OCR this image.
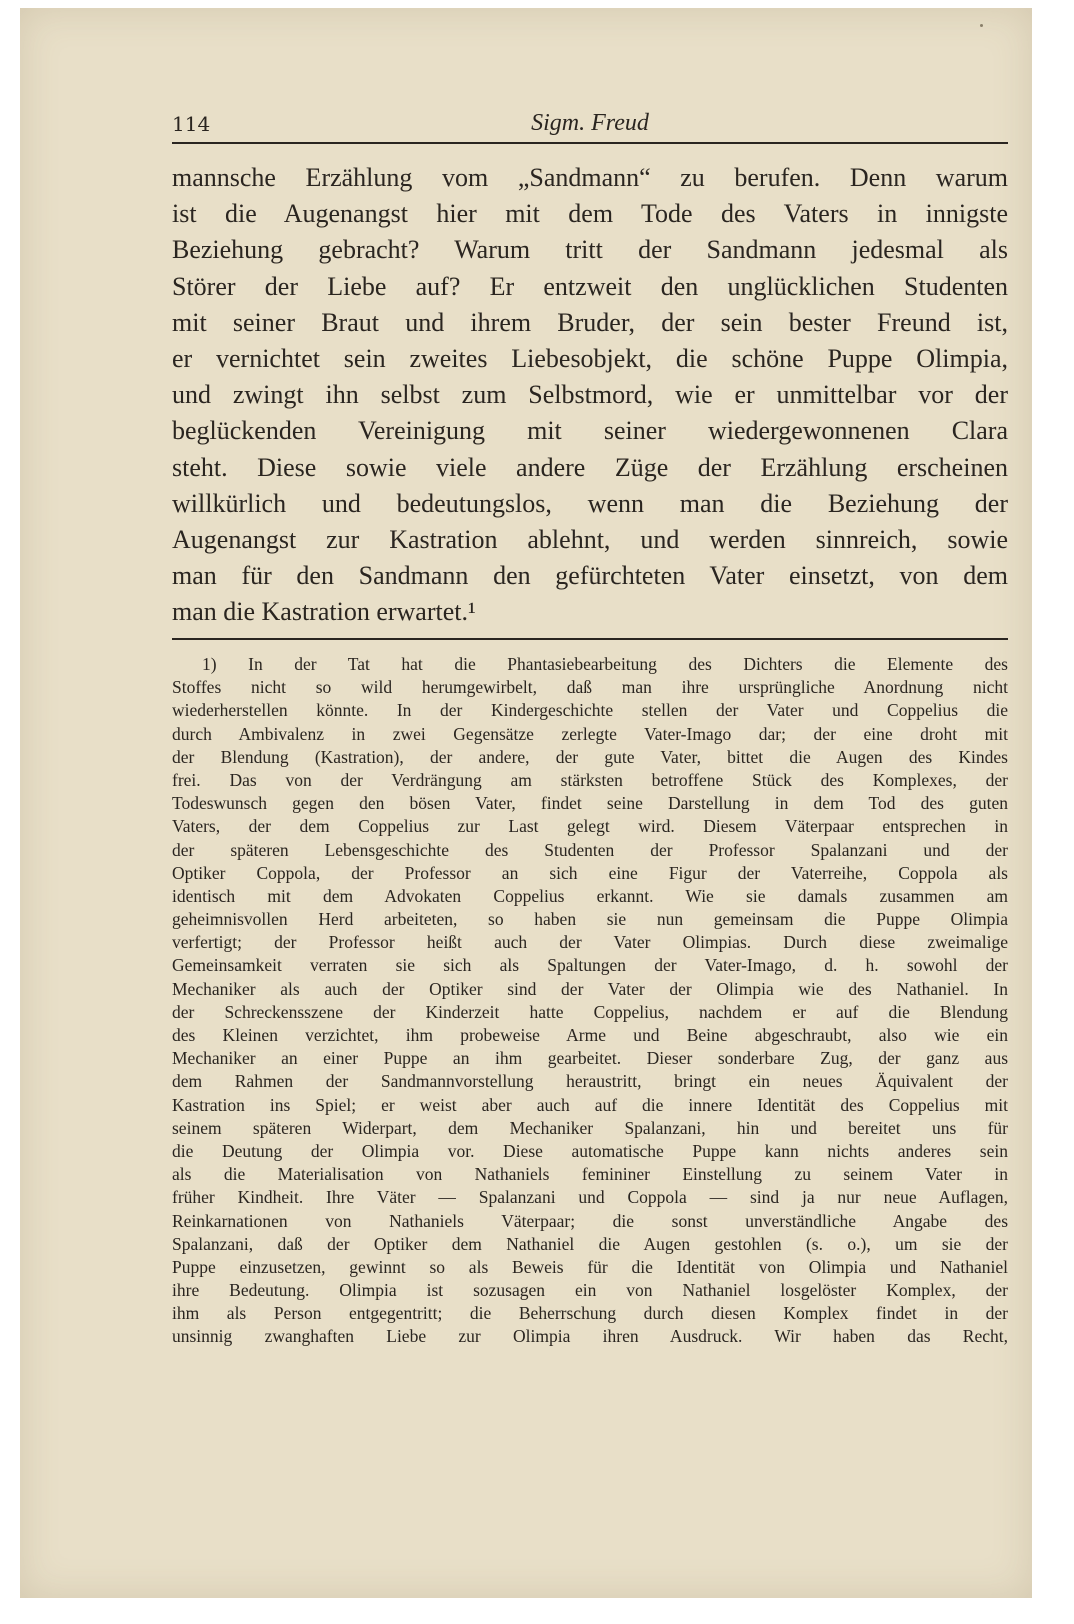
114	Sigm. Freud
mannsche Erzählung vom „Sandmann“ zu berufen. Denn warum
ist die Augenangst hier mit dem Tode des Vaters in innigste
Beziehung gebracht? Warum tritt der Sandmann jedesmal als
Störer der Liebe auf? Er entzweit den unglücklichen Studenten
mit seiner Braut und ihrem Bruder, der sein bester Freund ist,
er vernichtet sein zweites Liebesobjekt, die schöne Puppe Olimpia,
und zwingt ihn selbst zum Selbstmord, wie er unmittelbar vor der
beglückenden Vereinigung mit seiner wiedergewonnenen Clara
steht. Diese sowie viele andere Züge der Erzählung erscheinen
willkürlich und bedeutungslos, wenn man die Beziehung der
Augenangst zur Kastration ablehnt, und werden sinnreich, sowie
man für den Sandmann den gefürchteten Vater einsetzt, von dem
man die Kastration erwartet.¹
1) In der Tat hat die Phantasiebearbeitung des Dichters die Elemente des
Stoffes nicht so wild herumgewirbelt, daß man ihre ursprüngliche Anordnung nicht
wiederherstellen könnte. In der Kindergeschichte stellen der Vater und Coppelius die
durch Ambivalenz in zwei Gegensätze zerlegte Vater-Imago dar; der eine droht mit
der Blendung (Kastration), der andere, der gute Vater, bittet die Augen des Kindes
frei. Das von der Verdrängung am stärksten betroffene Stück des Komplexes, der
Todeswunsch gegen den bösen Vater, findet seine Darstellung in dem Tod des guten
Vaters, der dem Coppelius zur Last gelegt wird. Diesem Väterpaar entsprechen in
der späteren Lebensgeschichte des Studenten der Professor Spalanzani und der
Optiker Coppola, der Professor an sich eine Figur der Vaterreihe, Coppola als
identisch mit dem Advokaten Coppelius erkannt. Wie sie damals zusammen am
geheimnisvollen Herd arbeiteten, so haben sie nun gemeinsam die Puppe Olimpia
verfertigt; der Professor heißt auch der Vater Olimpias. Durch diese zweimalige
Gemeinsamkeit verraten sie sich als Spaltungen der Vater-Imago, d. h. sowohl der
Mechaniker als auch der Optiker sind der Vater der Olimpia wie des Nathaniel. In
der Schreckensszene der Kinderzeit hatte Coppelius, nachdem er auf die Blendung
des Kleinen verzichtet, ihm probeweise Arme und Beine abgeschraubt, also wie ein
Mechaniker an einer Puppe an ihm gearbeitet. Dieser sonderbare Zug, der ganz aus
dem Rahmen der Sandmannvorstellung heraustritt, bringt ein neues Äquivalent der
Kastration ins Spiel; er weist aber auch auf die innere Identität des Coppelius mit
seinem späteren Widerpart, dem Mechaniker Spalanzani, hin und bereitet uns für
die Deutung der Olimpia vor. Diese automatische Puppe kann nichts anderes sein
als die Materialisation von Nathaniels femininer Einstellung zu seinem Vater in
früher Kindheit. Ihre Väter — Spalanzani und Coppola — sind ja nur neue Auflagen,
Reinkarnationen von Nathaniels Väterpaar; die sonst unverständliche Angabe des
Spalanzani, daß der Optiker dem Nathaniel die Augen gestohlen (s. o.), um sie der
Puppe einzusetzen, gewinnt so als Beweis für die Identität von Olimpia und Nathaniel
ihre Bedeutung. Olimpia ist sozusagen ein von Nathaniel losgelöster Komplex, der
ihm als Person entgegentritt; die Beherrschung durch diesen Komplex findet in der
unsinnig zwanghaften Liebe zur Olimpia ihren Ausdruck. Wir haben das Recht,
